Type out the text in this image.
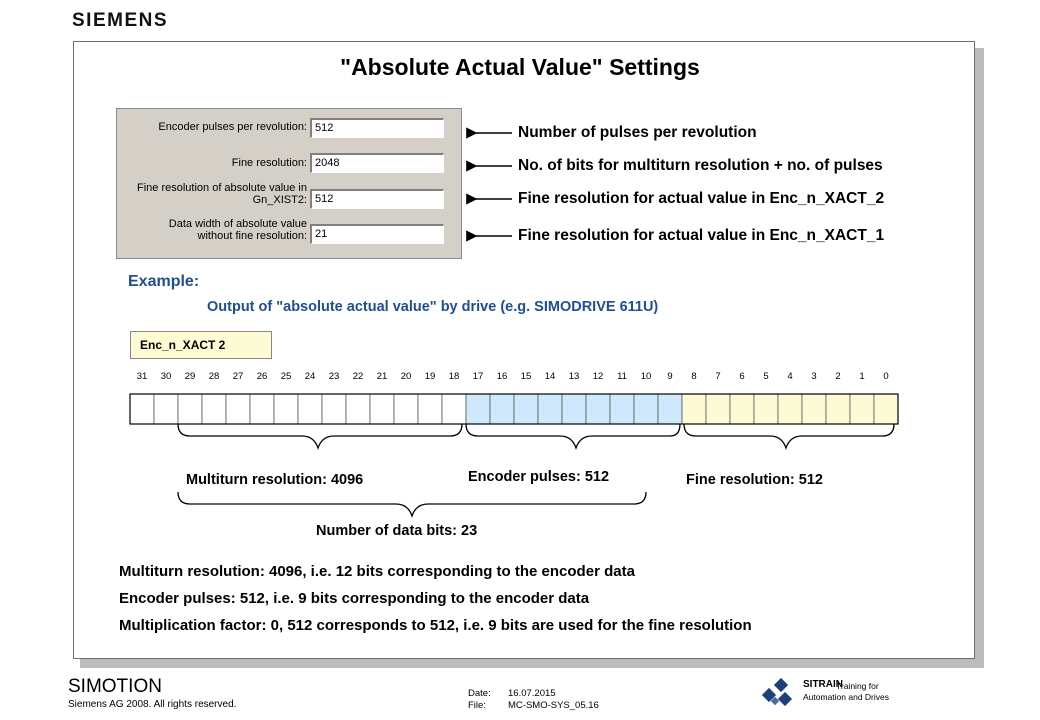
SIEMENS
"Absolute Actual Value" Settings
Encoder pulses per revolution: 512
Fine resolution: 2048
Fine resolution of absolute value in
Gn_XIST2: 512
Data width of absolute value
without fine resolution: 21
Number of pulses per revolution
No. of bits for multiturn resolution + no. of pulses
Fine resolution for actual value in Enc_n_XACT_2
Fine resolution for actual value in Enc_n_XACT_1
Example:
Output of "absolute actual value" by drive (e.g. SIMODRIVE 611U)
Enc_n_XACT 2
31 30 29 28 27 26 25 24 23 22 21 20 19 18 17 16 15 14 13 12	11	10	9	8	7	6	5	4	3	2	1	0
Multiturn resolution: 4096	Encoder pulses: 512	Fine resolution: 512
Number of data bits: 23
Multiturn resolution: 4096, i.e. 12 bits corresponding to the encoder data
Encoder pulses: 512, i.e. 9 bits corresponding to the encoder data
Multiplication factor: 0, 512 corresponds to 512, i.e. 9 bits are used for the fine resolution
SIMOTION
Siemens AG 2008. All rights reserved.
Date: 16.07.2015
File: MC-SMO-SYS_05.16
SITRAIN
Training for
Automation and Drives
